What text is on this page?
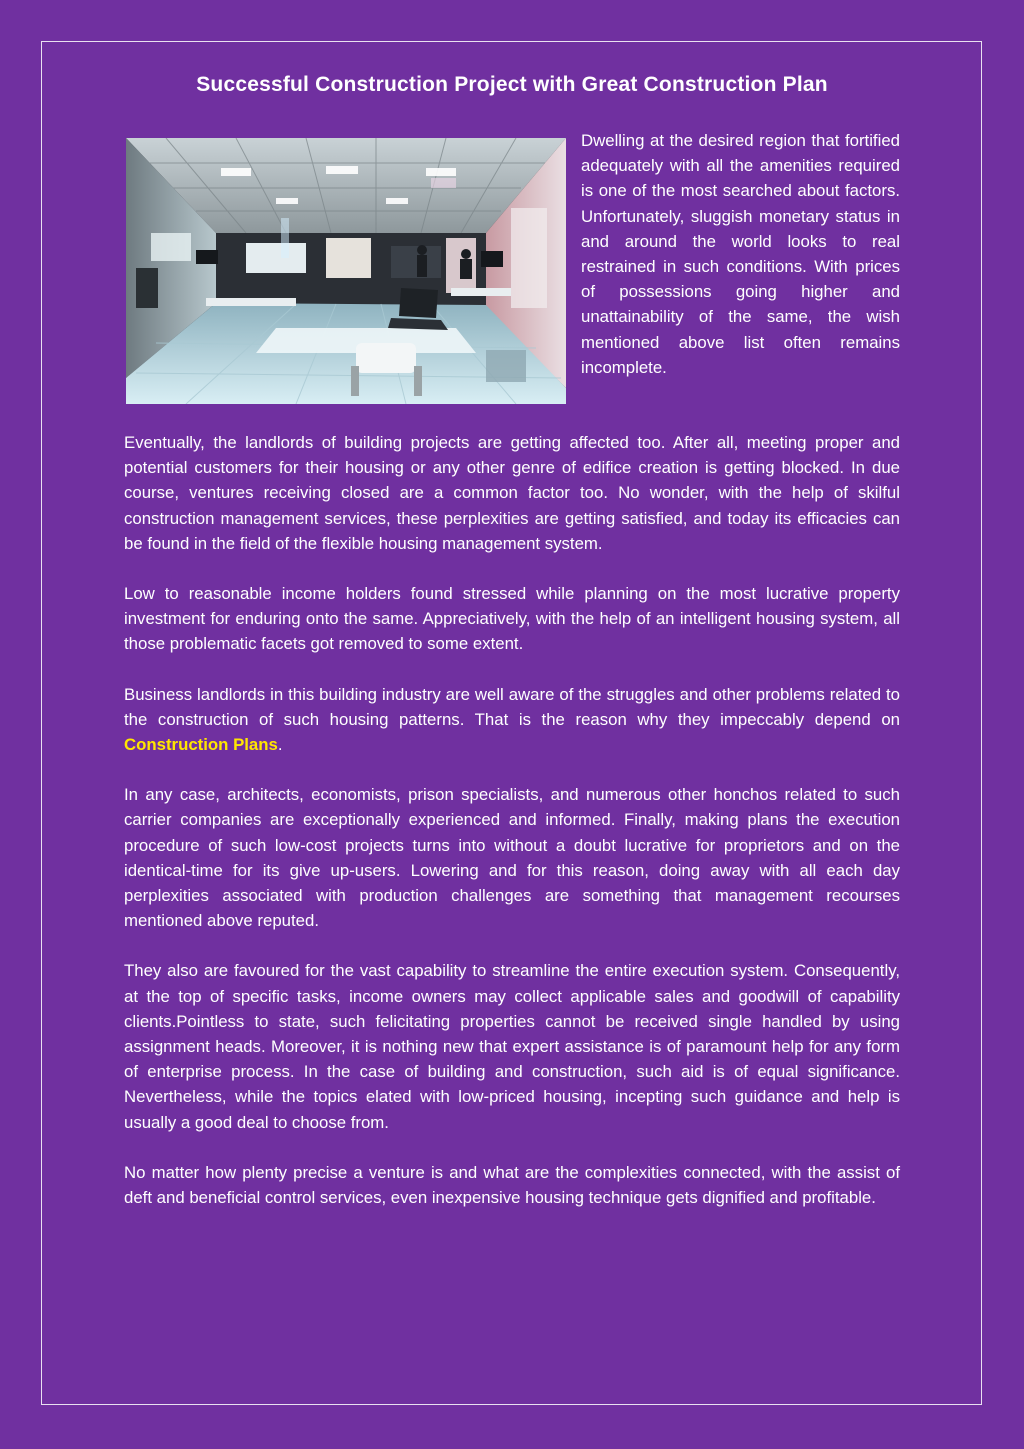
Successful Construction Project with Great Construction Plan

Dwelling at the desired region that fortified adequately with all the amenities required is one of the most searched about factors. Unfortunately, sluggish monetary status in and around the world looks to real restrained in such conditions. With prices of possessions going higher and unattainability of the same, the wish mentioned above list often remains incomplete.

Eventually, the landlords of building projects are getting affected too. After all, meeting proper and potential customers for their housing or any other genre of edifice creation is getting blocked. In due course, ventures receiving closed are a common factor too. No wonder, with the help of skilful construction management services, these perplexities are getting satisfied, and today its efficacies can be found in the field of the flexible housing management system.

Low to reasonable income holders found stressed while planning on the most lucrative property investment for enduring onto the same. Appreciatively, with the help of an intelligent housing system, all those problematic facets got removed to some extent.

Business landlords in this building industry are well aware of the struggles and other problems related to the construction of such housing patterns. That is the reason why they impeccably depend on Construction Plans.

In any case, architects, economists, prison specialists, and numerous other honchos related to such carrier companies are exceptionally experienced and informed. Finally, making plans the execution procedure of such low-cost projects turns into without a doubt lucrative for proprietors and on the identical-time for its give up-users. Lowering and for this reason, doing away with all each day perplexities associated with production challenges are something that management recourses mentioned above reputed.

They also are favoured for the vast capability to streamline the entire execution system. Consequently, at the top of specific tasks, income owners may collect applicable sales and goodwill of capability clients.Pointless to state, such felicitating properties cannot be received single handled by using assignment heads. Moreover, it is nothing new that expert assistance is of paramount help for any form of enterprise process. In the case of building and construction, such aid is of equal significance. Nevertheless, while the topics elated with low-priced housing, incepting such guidance and help is usually a good deal to choose from.

No matter how plenty precise a venture is and what are the complexities connected, with the assist of deft and beneficial control services, even inexpensive housing technique gets dignified and profitable.
